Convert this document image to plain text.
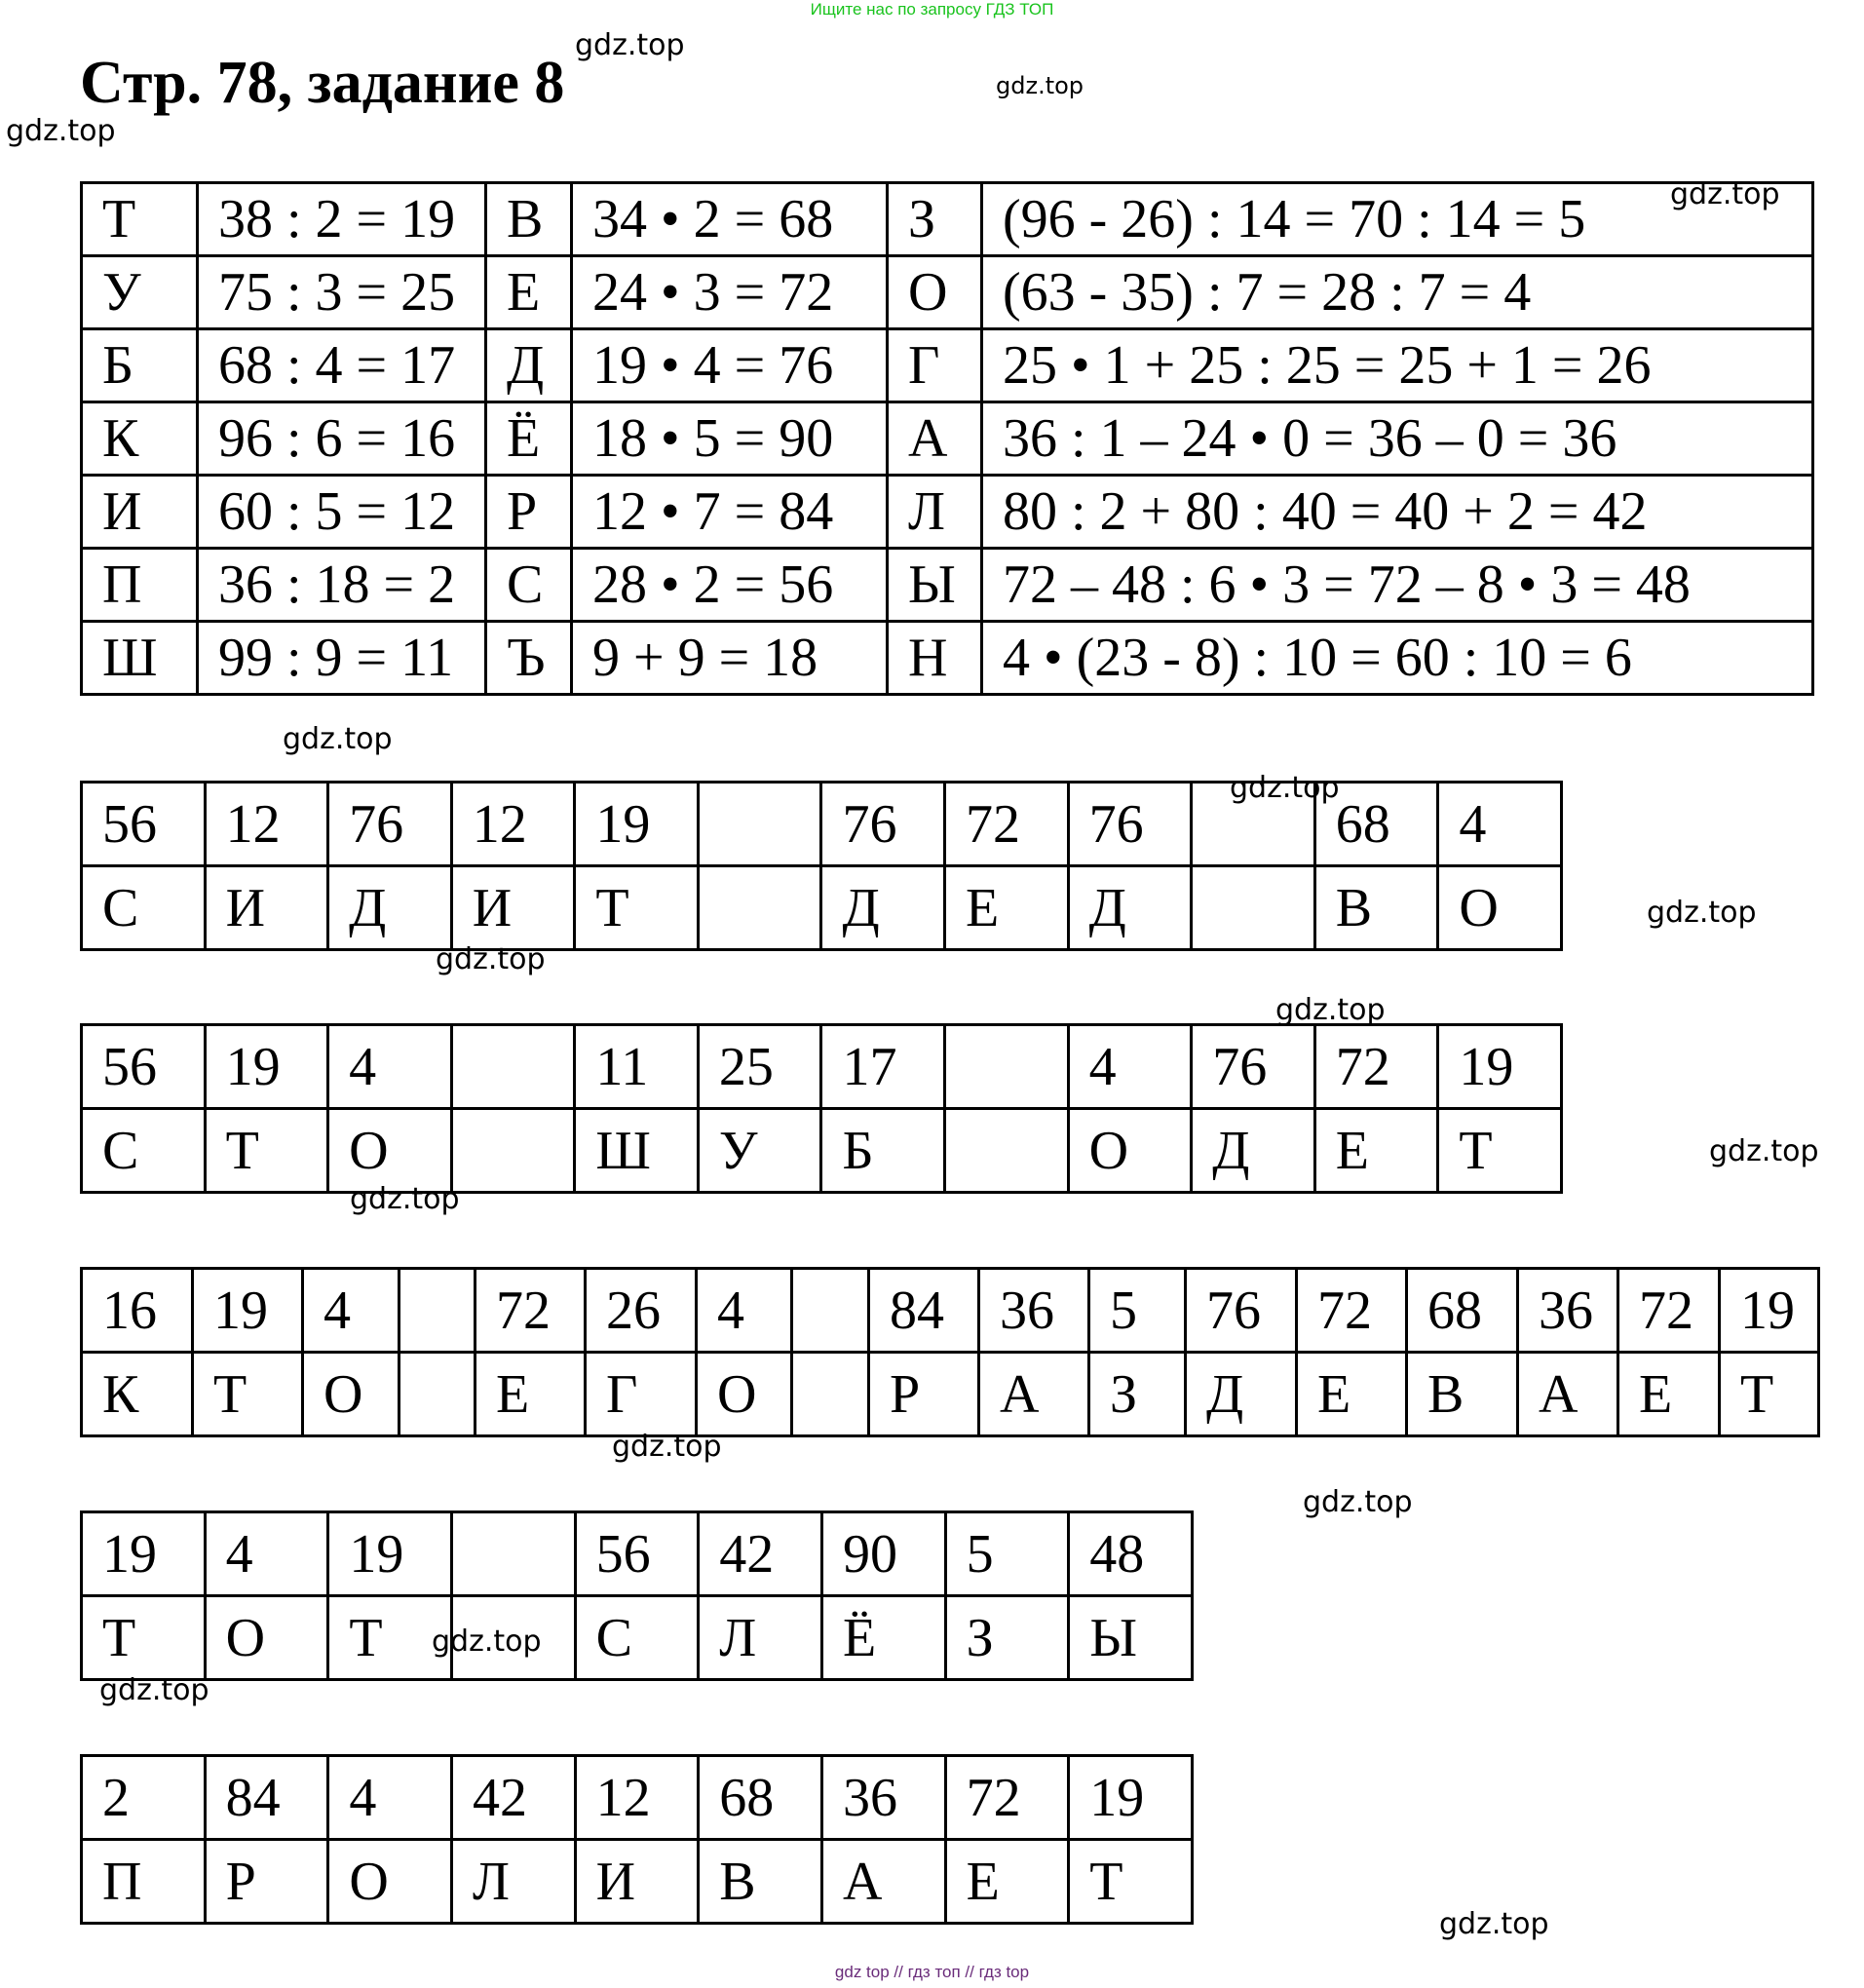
Ищите нас по запросу ГДЗ ТОП
Стр. 78, задание 8
Т	38 : 2 = 19	В	34 • 2 = 68	З	(96 - 26) : 14 = 70 : 14 = 5
У	75 : 3 = 25	Е	24 • 3 = 72	О	(63 - 35) : 7 = 28 : 7 = 4
Б	68 : 4 = 17	Д	19 • 4 = 76	Г	25 • 1 + 25 : 25 = 25 + 1 = 26
К	96 : 6 = 16	Ё	18 • 5 = 90	А	36 : 1 – 24 • 0 = 36 – 0 = 36
И	60 : 5 = 12	Р	12 • 7 = 84	Л	80 : 2 + 80 : 40 = 40 + 2 = 42
П	36 : 18 = 2	С	28 • 2 = 56	Ы	72 – 48 : 6 • 3 = 72 – 8 • 3 = 48
Ш	99 : 9 = 11	Ъ	9 + 9 = 18	Н	4 • (23 - 8) : 10 = 60 : 10 = 6
56	12	76	12	19		76	72	76		68	4
С	И	Д	И	Т		Д	Е	Д		В	О
56	19	4		11	25	17		4	76	72	19
С	Т	О		Ш	У	Б		О	Д	Е	Т
16	19	4		72	26	4		84	36	5	76	72	68	36	72	19
К	Т	О		Е	Г	О		Р	А	З	Д	Е	В	А	Е	Т
19	4	19		56	42	90	5	48
Т	О	Т		С	Л	Ё	З	Ы
2	84	4	42	12	68	36	72	19
П	Р	О	Л	И	В	А	Е	Т
gdz.top
gdz.top
gdz.top
gdz.top
gdz.top
gdz.top
gdz.top
gdz.top
gdz.top
gdz.top
gdz.top
gdz.top
gdz.top
gdz.top
gdz.top
gdz.top
gdz top // гдз топ // гдз top
